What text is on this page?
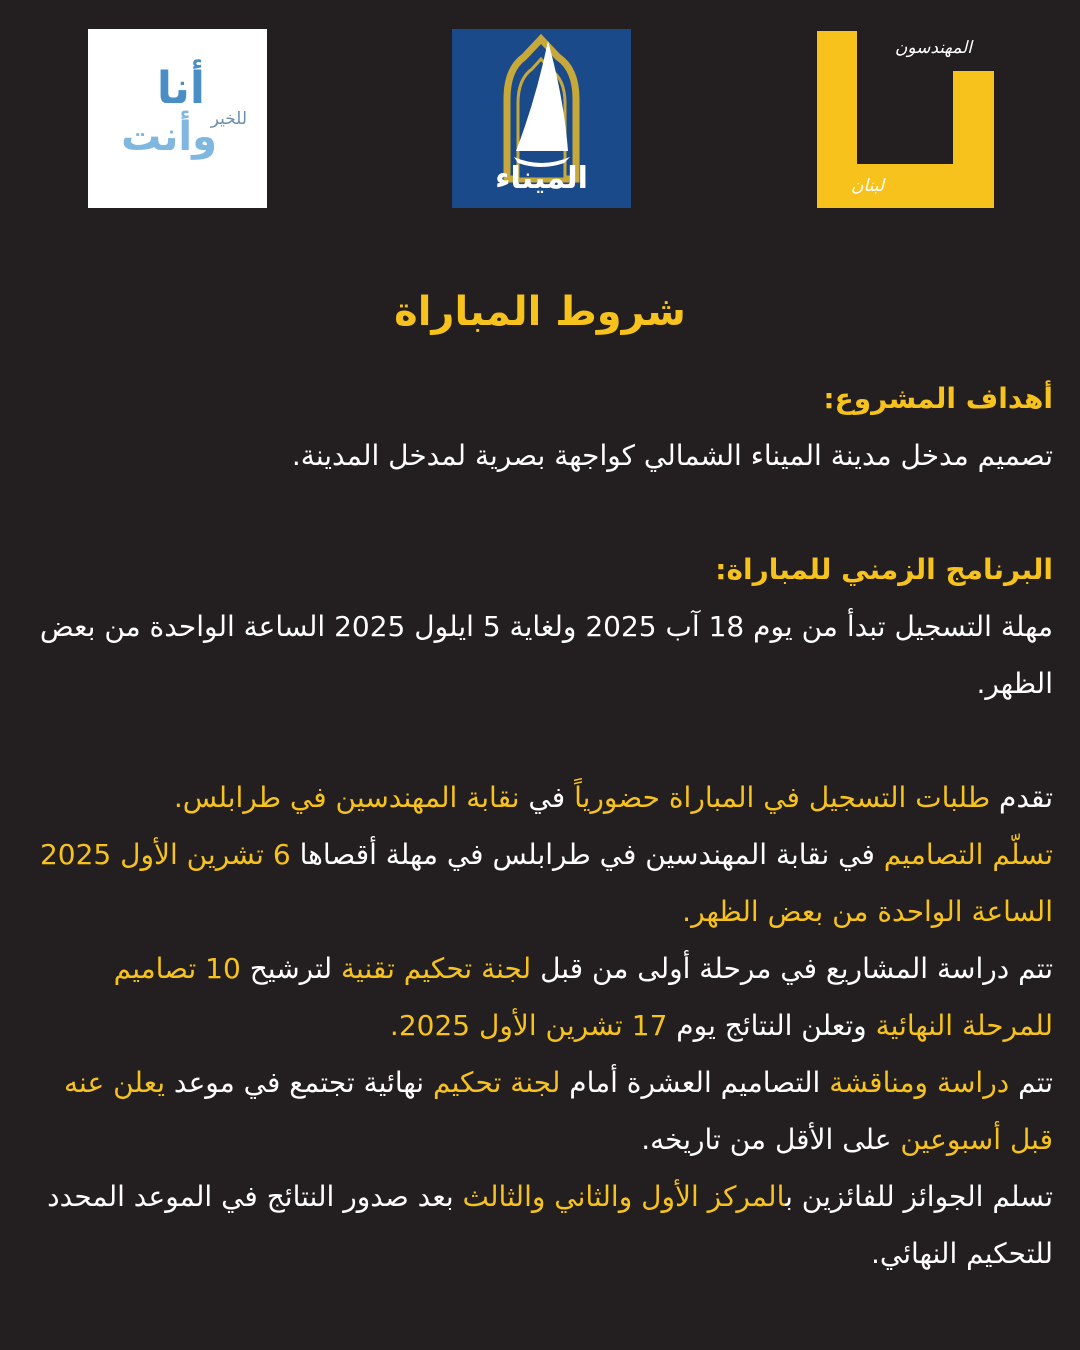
للخير
أنا
وأنت
الميناء
المهندسون
لبنان
شروط المباراة

أهداف المشروع:

تصميم مدخل مدينة الميناء الشمالي كواجهة بصرية لمدخل المدينة.

البرنامج الزمني للمباراة:

مهلة التسجيل تبدأ من يوم 18 آب 2025 ولغاية 5 ايلول 2025 الساعة الواحدة من بعض الظهر.

تقدم طلبات التسجيل في المباراة حضورياً في نقابة المهندسين في طرابلس.

تسلّم التصاميم في نقابة المهندسين في طرابلس في مهلة أقصاها 6 تشرين الأول 2025 الساعة الواحدة من بعض الظهر.

تتم دراسة المشاريع في مرحلة أولى من قبل لجنة تحكيم تقنية لترشيح 10 تصاميم للمرحلة النهائية وتعلن النتائج يوم 17 تشرين الأول 2025.

تتم دراسة ومناقشة التصاميم العشرة أمام لجنة تحكيم نهائية تجتمع في موعد يعلن عنه قبل أسبوعين على الأقل من تاريخه.

تسلم الجوائز للفائزين بالمركز الأول والثاني والثالث بعد صدور النتائج في الموعد المحدد للتحكيم النهائي.
